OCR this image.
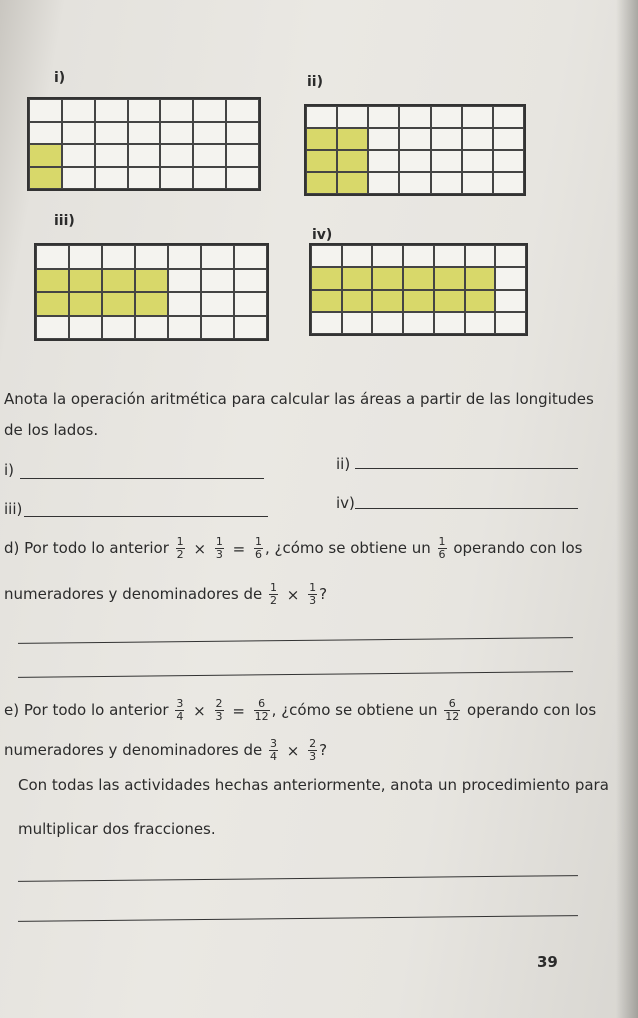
i)	ii)
iii)
iv)
Anota la operación aritmética para calcular las áreas a partir de las longitudes
de los lados.
i)	ii)
iii)	iv)
d) Por todo lo anterior $\frac{1}{2} \times \frac{1}{3} = \frac{1}{6}$ , ¿cómo se obtiene un $\frac{1}{6}$ operando con los
numeradores y denominadores de $\frac{1}{2} \times \frac{1}{3}$ ?
e) Por todo lo anterior $\frac{3}{4} \times \frac{2}{3} = \frac{6}{12}$ , ¿cómo se obtiene un $\frac{6}{12}$ operando con los
numeradores y denominadores de $\frac{3}{4} \times \frac{2}{3}$ ?
Con todas las actividades hechas anteriormente, anota un procedimiento para
multiplicar dos fracciones.
39
